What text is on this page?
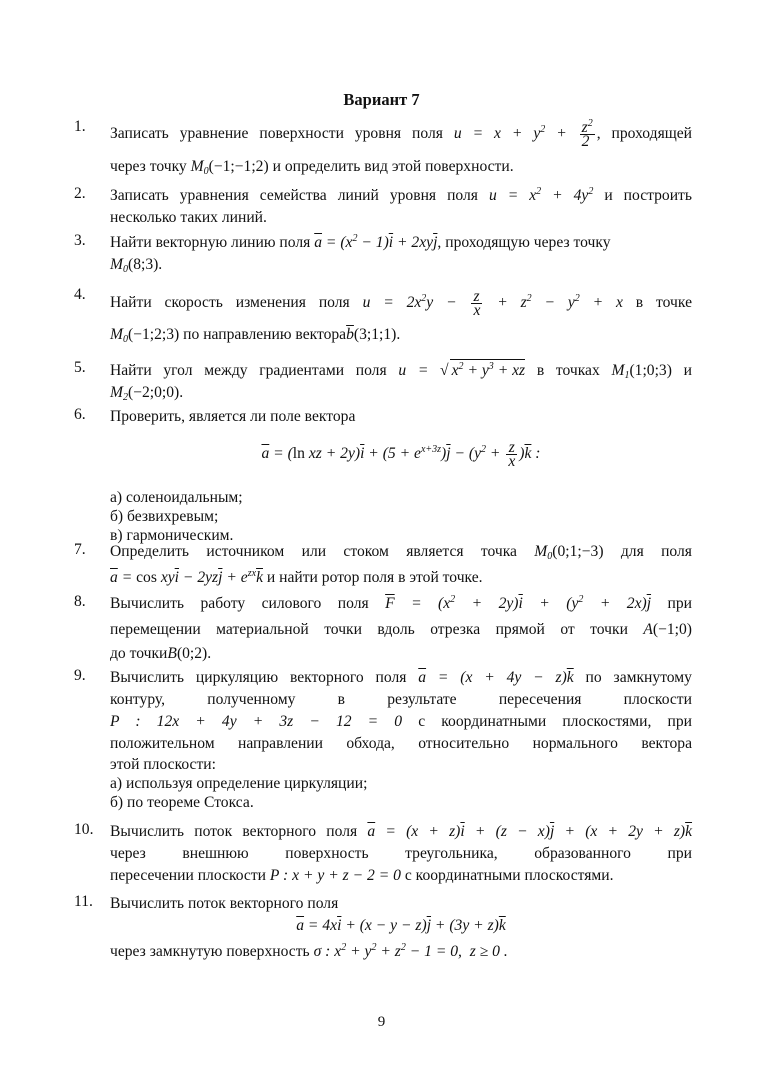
Вариант 7
1. Записать уравнение поверхности уровня поля $u = x + y^2 + \frac{z^2}{2}$ , проходящей
через точку $M_0(-1;-1;2)$ и определить вид этой поверхности.
2. Записать уравнения семейства линий уровня поля $u = x^2 + 4y^2$ и построить
несколько таких линий.
3. Найти векторную линию поля $\overline{a} = (x^2 - 1)\overline{i} + 2xy\overline{j}$, проходящую через точку
$M_0(8;3)$.
4. Найти скорость изменения поля $u = 2x^2y - \frac{z}{x} + z^2 - y^2 + x$ в точке
$M_0(-1;2;3)$ по направлению $вектора\overline{b}(3;1;1)$.
5. Найти угол между градиентами поля u = √ $x^2 + y^3$ + xz в точках $M_1(1;0;3)$ и
$M_2(-2;0;0)$.
6. Проверить, является ли поле вектора
$\overline{a} = (\ln$ xz + $2y)\overline{i} + (5 + e^{x+3z})\overline{j} - (y^2 + \frac{z}{x} )\overline{k}$ :
а) соленоидальным;
б) безвихревым;
в) гармоническим.
7. Определить источником или стоком является точка $M_0(0;1;-3)$ для поля
$\overline{a} = \cos xy\overline{i} - 2yz\overline{j} + e^{zx}\overline{k}$ и найти ротор поля в этой точке.
8. Вычислить работу силового поля $\overline{F} = (x^2 + 2y)\overline{i} + (y^2 + 2x)\overline{j}$ при
перемещении материальной точки вдоль отрезка прямой от точки A(−1;0)
до точкиB(0;2).
9. Вычислить циркуляцию векторного поля $\overline{a} = (x + 4y - z)\overline{k}$ по замкнутому
контуру,	полученному	в	результате	пересечения	плоскости
P : 12x + 4y + 3z − 12 = 0 с координатными плоскостями, при
положительном направлении обхода, относительно нормального вектора
этой плоскости:
а) используя определение циркуляции;
б) по теореме Стокса.
10. Вычислить поток векторного поля $\overline{a} = (x + z)\overline{i} + (z - x)\overline{j} + (x + 2y + z)\overline{k}$
через внешнюю поверхность треугольника, образованного при
пересечении плоскости P : x + y + z − 2 = 0 с координатными плоскостями.
11. Вычислить поток векторного поля
$\overline{a} = 4x\overline{i} + (x - y - z)\overline{j} + (3y + z)\overline{k}$
через замкнутую поверхность σ : $x^2 + y^2 + z^2 - 1 = 0$,  z ≥ 0 .
9
